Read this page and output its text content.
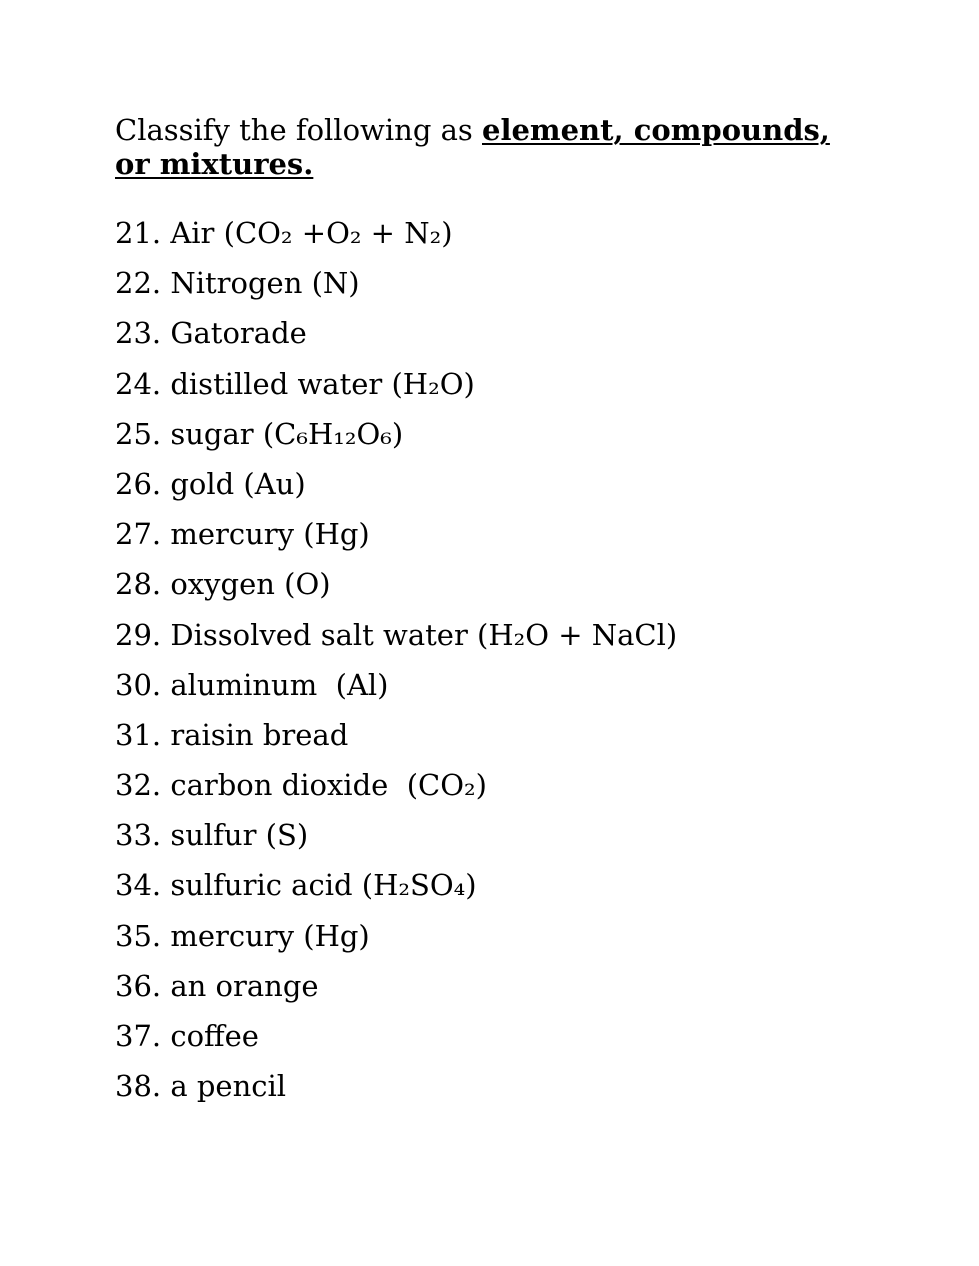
Classify the following as element, compounds, or mixtures.

21. Air (CO₂ +O₂ + N₂)
22. Nitrogen (N)
23. Gatorade
24. distilled water (H₂O)
25. sugar (C₆H₁₂O₆)
26. gold (Au)
27. mercury (Hg)
28. oxygen (O)
29. Dissolved salt water (H₂O + NaCl)
30. aluminum  (Al)
31. raisin bread
32. carbon dioxide  (CO₂)
33. sulfur (S)
34. sulfuric acid (H₂SO₄)
35. mercury (Hg)
36. an orange
37. coffee
38. a pencil
